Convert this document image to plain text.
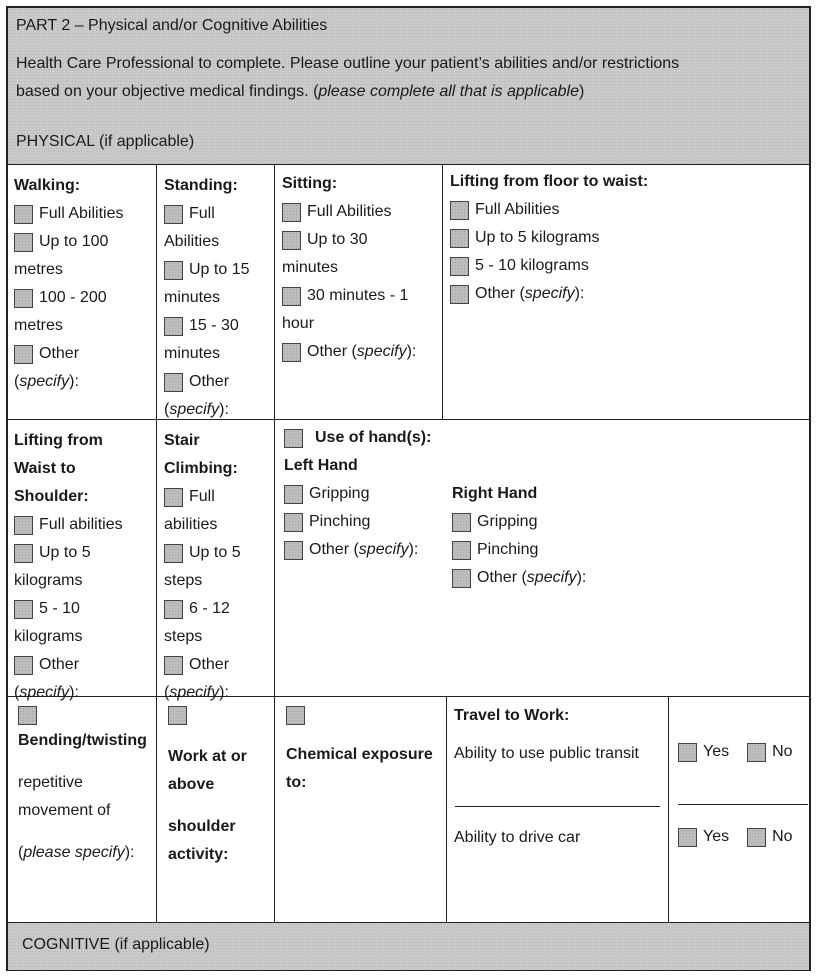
PART 2 – Physical and/or Cognitive Abilities
Health Care Professional to complete. Please outline your patient’s abilities and/or restrictions
based on your objective medical findings. (please complete all that is applicable)
PHYSICAL (if applicable)
Walking:
Full Abilities
Up to 100
metres
100 - 200
metres
Other
(specify):
Standing:
Full
Abilities
Up to 15
minutes
15 - 30
minutes
Other
(specify):
Sitting:
Full Abilities
Up to 30
minutes
30 minutes - 1
hour
Other (specify):
Lifting from floor to waist:
Full Abilities
Up to 5 kilograms
5 - 10 kilograms
Other (specify):
Lifting from
Waist to
Shoulder:
Full abilities
Up to 5
kilograms
5 - 10
kilograms
Other
(specify):
Stair
Climbing:
Full
abilities
Up to 5
steps
6 - 12
steps
Other
(specify):
Use of hand(s):
Left Hand
Gripping
Pinching
Other (specify):
Right Hand
Gripping
Pinching
Other (specify):
Bending/twisting
repetitive
movement of
(please specify):
Work at or
above
shoulder
activity:
Chemical exposure
to:
Travel to Work:
Ability to use public transit
Ability to drive car
Yes	No
Yes	No
COGNITIVE (if applicable)
